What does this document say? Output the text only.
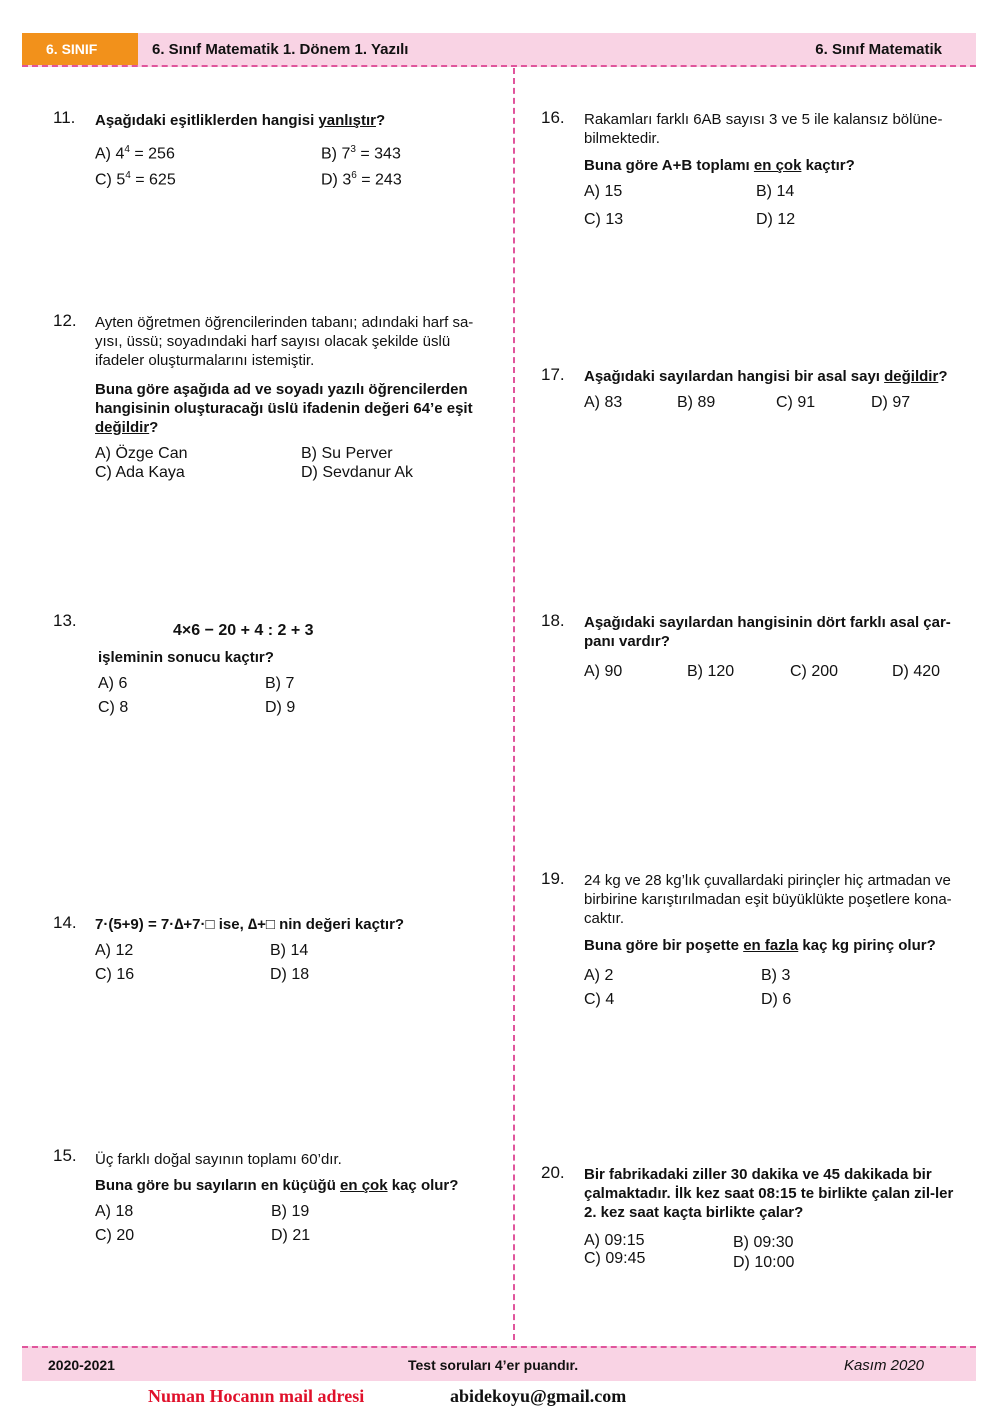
6. SINIF	6. Sınıf Matematik 1. Dönem 1. Yazılı	6. Sınıf Matematik
11. Aşağıdaki eşitliklerden hangisi yanlıştır?
A) $4^4 = 256$	B) $7^3 = 343$
C) $5^4 = 625$	D) $3^6 = 243$
12. Ayten öğretmen öğrencilerinden tabanı; adındaki harf sa-yısı, üssü; soyadındaki harf sayısı olacak şekilde üslü ifadeler oluşturmalarını istemiştir.
Buna göre aşağıda ad ve soyadı yazılı öğrencilerden hangisinin oluşturacağı üslü ifadenin değeri 64’e eşit değildir?
A) Özge Can	B) Su Perver
C) Ada Kaya	D) Sevdanur Ak
13.
4×6 − 20 + 4 : 2 + 3
işleminin sonucu kaçtır?
A) 6	B) 7
C) 8	D) 9
14. 7·(5+9) = 7·∆+7·□ ise, ∆+□ nin değeri kaçtır?
A) 12	B) 14
C) 16	D) 18
15. Üç farklı doğal sayının toplamı 60’dır.
Buna göre bu sayıların en küçüğü en çok kaç olur?
A) 18	B) 19
C) 20	D) 21
16. Rakamları farklı 6AB sayısı 3 ve 5 ile kalansız bölüne-bilmektedir.
Buna göre A+B toplamı en çok kaçtır?
A) 15	B) 14
C) 13	D) 12
17. Aşağıdaki sayılardan hangisi bir asal sayı değildir?
A) 83	B) 89	C) 91	D) 97
18. Aşağıdaki sayılardan hangisinin dört farklı asal çar-panı vardır?
A) 90	B) 120	C) 200	D) 420
19. 24 kg ve 28 kg’lık çuvallardaki pirinçler hiç artmadan ve birbirine karıştırılmadan eşit büyüklükte poşetlere kona-caktır.
Buna göre bir poşette en fazla kaç kg pirinç olur?
A) 2	B) 3
C) 4	D) 6
20. Bir fabrikadaki ziller 30 dakika ve 45 dakikada bir çalmaktadır. İlk kez saat 08:15 te birlikte çalan zil-ler 2. kez saat kaçta birlikte çalar?
A) 09:15	B) 09:30
C) 09:45	D) 10:00
2020-2021	Test soruları 4’er puandır.	Kasım 2020
Numan Hocanın mail adresi	abidekoyu@gmail.com
